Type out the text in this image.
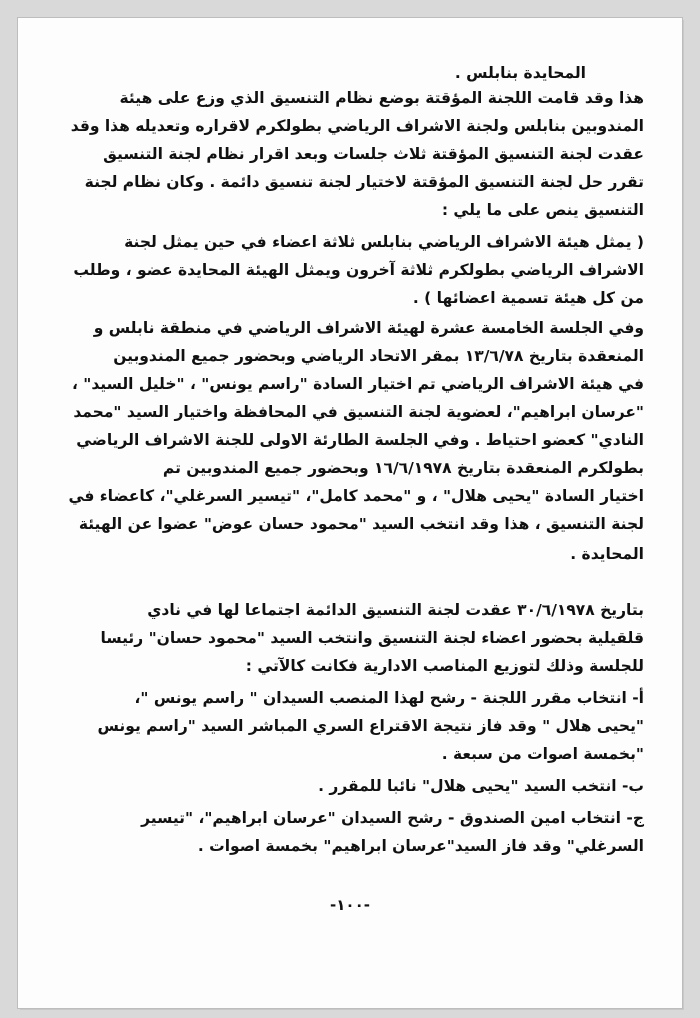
المحايدة بنابلس .
هذا وقد قامت اللجنة المؤقتة بوضع نظام التنسيق الذي وزع على هيئة
المندوبين بنابلس ولجنة الاشراف الرياضي بطولكرم لاقراره وتعديله هذا وقد
عقدت لجنة التنسيق المؤقتة ثلاث جلسات وبعد اقرار نظام لجنة التنسيق
تقرر حل لجنة التنسيق المؤقتة لاختيار لجنة تنسيق دائمة . وكان نظام لجنة
التنسيق ينص على ما يلي :
( يمثل هيئة الاشراف الرياضي بنابلس ثلاثة اعضاء في حين يمثل لجنة
الاشراف الرياضي بطولكرم ثلاثة آخرون ويمثل الهيئة المحايدة عضو ، وطلب
من كل هيئة تسمية اعضائها ) .
وفي الجلسة الخامسة عشرة لهيئة الاشراف الرياضي في منطقة نابلس و
المنعقدة بتاريخ ١٣/٦/٧٨ بمقر الاتحاد الرياضي وبحضور جميع المندوبين
في هيئة الاشراف الرياضي تم اختيار السادة "راسم يونس" ، "خليل السيد" ،
"عرسان ابراهيم"، لعضوية لجنة التنسيق في المحافظة واختيار السيد "محمد
النادي" كعضو احتياط . وفي الجلسة الطارئة الاولى للجنة الاشراف الرياضي
بطولكرم المنعقدة بتاريخ ١٦/٦/١٩٧٨ وبحضور جميع المندوبين تم
اختيار السادة "يحيى هلال" ، و "محمد كامل"، "تيسير السرغلي"، كاعضاء في
لجنة التنسيق ، هذا وقد انتخب السيد "محمود حسان عوض" عضوا عن الهيئة
المحايدة .
بتاريخ ٣٠/٦/١٩٧٨ عقدت لجنة التنسيق الدائمة اجتماعا لها في نادي
قلقيلية بحضور اعضاء لجنة التنسيق وانتخب السيد "محمود حسان" رئيسا
للجلسة وذلك لتوزيع المناصب الادارية فكانت كالآتي :
أ- انتخاب مقرر اللجنة - رشح لهذا المنصب السيدان " راسم يونس "،
"يحيى هلال " وقد فاز نتيجة الاقتراع السري المباشر السيد "راسم يونس
"بخمسة اصوات من سبعة .
ب- انتخب السيد "يحيى هلال" نائبا للمقرر .
ج- انتخاب امين الصندوق - رشح السيدان "عرسان ابراهيم"، "تيسير
السرغلي" وقد فاز السيد"عرسان ابراهيم" بخمسة اصوات .
-١٠٠-
